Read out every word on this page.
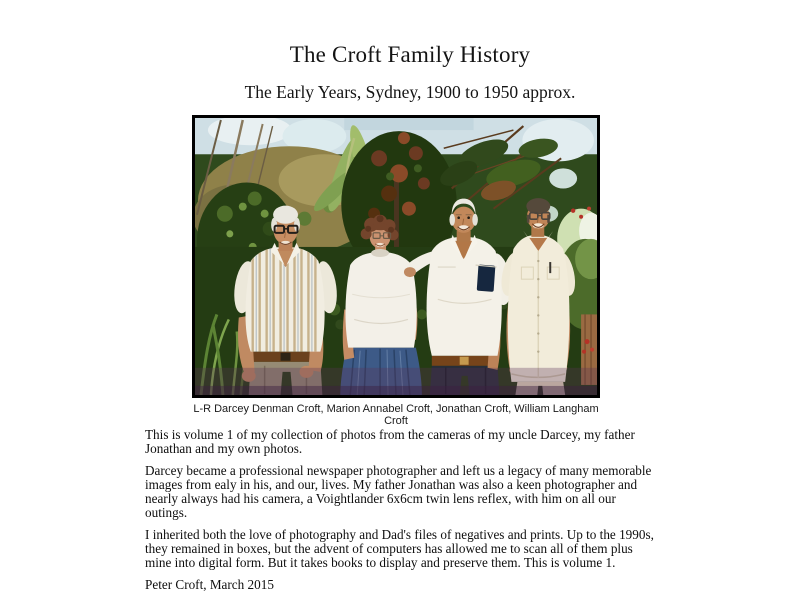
The Croft Family History
The Early Years, Sydney, 1900 to 1950 approx.
L-R Darcey Denman Croft, Marion Annabel Croft, Jonathan Croft, William Langham Croft

This is volume 1 of my collection of photos from the cameras of my uncle Darcey, my father Jonathan and my own photos.

Darcey became a professional newspaper photographer and left us a legacy of many memorable images from ealy in his, and our, lives. My father Jonathan was also a keen photographer and nearly always had his camera, a Voightlander 6x6cm twin lens reflex, with him on all our outings.

I inherited both the love of photography and Dad's files of negatives and prints. Up to the 1990s, they remained in boxes, but the advent of computers has allowed me to scan all of them plus mine into digital form. But it takes books to display and preserve them. This is volume 1.

Peter Croft, March 2015
